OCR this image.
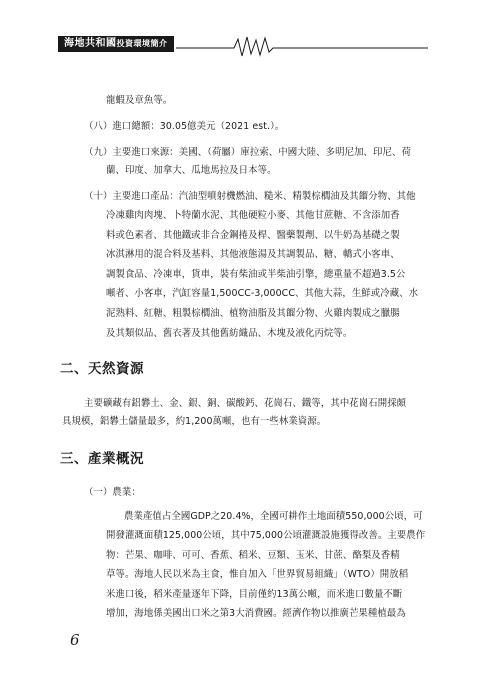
海地共和國投資環境簡介
龍蝦及章魚等。
（八）進口總額：30.05億美元（2021 est.）。
（九）主要進口來源：美國、（荷屬）庫拉索、中國大陸、多明尼加、印尼、荷
蘭、印度、加拿大、瓜地馬拉及日本等。
（十）主要進口產品：汽油型噴射機燃油、糙米、精製棕櫚油及其餾分物、其他
冷凍雞肉肉塊、卜特蘭水泥、其他硬粒小麥、其他甘蔗糖、不含添加香
料或色素者、其他鐵或非合金鋼捲及桿、醫藥製劑、以牛奶為基礎之製
冰淇淋用的混合料及基料、其他液態湯及其調製品、糖、轎式小客車、
調製食品、冷凍車，貨車，裝有柴油或半柴油引擎，總重量不超過3.5公
噸者、小客車，汽缸容量1,500CC-3,000CC、其他大蒜，生鮮或冷藏、水
泥熟料、紅糖、粗製棕櫚油、植物油脂及其餾分物、火雞肉製成之臘腸
及其類似品、舊衣著及其他舊紡織品、木塊及液化丙烷等。
二、天然資源
主要礦藏有鋁礬土、金、銀、銅、碳酸鈣、花崗石、鐵等，其中花崗石開採頗
具規模，鋁礬土儲量最多，約1,200萬噸，也有一些林業資源。
三、產業概況
（一）農業：
農業產值占全國GDP之20.4%，全國可耕作土地面積550,000公頃，可
開發灌溉面積125,000公頃，其中75,000公頃灌溉設施獲得改善。主要農作
物：芒果、咖啡、可可、香蕉、稻米、豆類、玉米、甘蔗、酪梨及香精
草等。海地人民以米為主食，惟自加入「世界貿易組織」（WTO）開放稻
米進口後，稻米產量逐年下降，目前僅約13萬公噸，而米進口數量不斷
增加，海地係美國出口米之第3大消費國。經濟作物以推廣芒果種植最為
6
